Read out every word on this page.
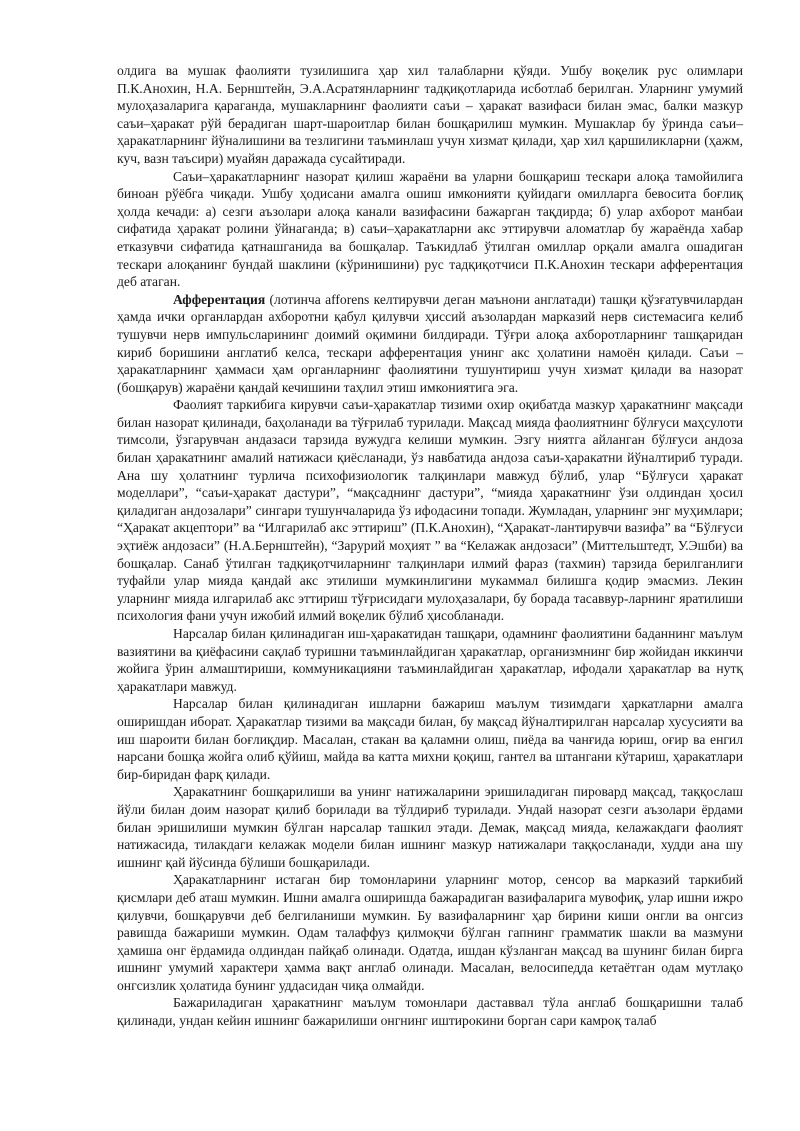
олдига ва мушак фаолияти тузилишига ҳар хил талабларни қўяди. Ушбу воқелик рус олимлари П.К.Анохин, Н.А. Бернштейн, Э.А.Асратянларнинг тадқиқотларида исботлаб берилган. Уларнинг умумий мулоҳазаларига қараганда, мушакларнинг фаолияти саъи – ҳаракат вазифаси билан эмас, балки мазкур саъи–ҳаракат рўй берадиган шарт-шароитлар билан бошқарилиш мумкин. Мушаклар бу ўринда саъи– ҳаракатларнинг йўналишини ва тезлигини таъминлаш учун хизмат қилади, ҳар хил қаршиликларни (ҳажм, куч, вазн таъсири) муайян даражада сусайтиради.

Саъи–ҳаракатларнинг назорат қилиш жараёни ва уларни бошқариш тескари алоқа тамойилига биноан рўёбга чиқади. Ушбу ҳодисани амалга ошиш имконияти қуйидаги омилларга бевосита боғлиқ ҳолда кечади: а) сезги аъзолари алоқа канали вазифасини бажарган тақдирда; б) улар ахборот манбаи сифатида ҳаракат ролини ўйнаганда; в) саъи–ҳаракатларни акс эттирувчи аломатлар бу жараёнда хабар етказувчи сифатида қатнашганида ва бошқалар. Таъкидлаб ўтилган омиллар орқали амалга ошадиган тескари алоқанинг бундай шаклини (кўринишини) рус тадқиқотчиси П.К.Анохин тескари афферентация деб атаган.

Афферентация (лотинча afforens келтирувчи деган маънони англатади) ташқи қўзғатувчилардан ҳамда ички органлардан ахборотни қабул қилувчи ҳиссий аъзолардан марказий нерв системасига келиб тушувчи нерв импульсларининг доимий оқимини билдиради. Тўғри алоқа ахборотларнинг ташқаридан кириб боришини англатиб келса, тескари афферентация унинг акс ҳолатини намоён қилади. Саъи – ҳаракатларнинг ҳаммаси ҳам органларнинг фаолиятини тушунтириш учун хизмат қилади ва назорат (бошқарув) жараёни қандай кечишини таҳлил этиш имкониятига эга.

Фаолият таркибига кирувчи саъи-ҳаракатлар тизими охир оқибатда мазкур ҳаракатнинг мақсади билан назорат қилинади, баҳоланади ва тўғрилаб турилади. Мақсад мияда фаолиятнинг бўлғуси маҳсулоти тимсоли, ўзгарувчан андазаси тарзида вужудга келиши мумкин. Эзгу ниятга айланган бўлғуси андоза билан ҳаракатнинг амалий натижаси қиёсланади, ўз навбатида андоза саъи-ҳаракатни йўналтириб туради. Ана шу ҳолатнинг турлича психофизиологик талқинлари мавжуд бўлиб, улар “Бўлғуси ҳаракат моделлари”, “саъи-ҳаракат дастури”, “мақсаднинг дастури”, “мияда ҳаракатнинг ўзи олдиндан ҳосил қиладиган андозалари” сингари тушунчаларида ўз ифодасини топади. Жумладан, уларнинг энг муҳимлари; “Ҳаракат акцептори” ва “Илгарилаб акс эттириш” (П.К.Анохин), “Ҳаракат-лантирувчи вазифа” ва “Бўлғуси эҳтиёж андозаси” (Н.А.Бернштейн), “Зарурий моҳият ” ва “Келажак андозаси” (Миттельштедт, У.Эшби) ва бошқалар. Санаб ўтилган тадқиқотчиларнинг талқинлари илмий фараз (тахмин) тарзида берилганлиги туфайли улар мияда қандай акс этилиши мумкинлигини мукаммал билишга қодир эмасмиз. Лекин уларнинг мияда илгарилаб акс эттириш тўғрисидаги мулоҳазалари, бу борада тасаввур-ларнинг яратилиши психология фани учун ижобий илмий воқелик бўлиб ҳисобланади.

Нарсалар билан қилинадиган иш-ҳаракатидан ташқари, одамнинг фаолиятини баданнинг маълум вазиятини ва қиёфасини сақлаб туришни таъминлайдиган ҳаракатлар, организмнинг бир жойидан иккинчи жойига ўрин алмаштириши, коммуникацияни таъминлайдиган ҳаракатлар, ифодали ҳаракатлар ва нутқ ҳаракатлари мавжуд.

Нарсалар билан қилинадиган ишларни бажариш маълум тизимдаги ҳаркатларни амалга оширишдан иборат. Ҳаракатлар тизими ва мақсади билан, бу мақсад йўналтирилган нарсалар хусусияти ва иш шароити билан боғлиқдир. Масалан, стакан ва қаламни олиш, пиёда ва чанғида юриш, оғир ва енгил нарсани бошқа жойга олиб қўйиш, майда ва катта михни қоқиш, гантел ва штангани кўтариш, ҳаракатлари бир-биридан фарқ қилади.

Ҳаракатнинг бошқарилиши ва унинг натижаларини эришиладиган пировард мақсад, таққослаш йўли билан доим назорат қилиб борилади ва тўлдириб турилади. Ундай назорат сезги аъзолари ёрдами билан эришилиши мумкин бўлган нарсалар ташкил этади. Демак, мақсад мияда, келажакдаги фаолият натижасида, тилакдаги келажак модели билан ишнинг мазкур натижалари таққосланади, худди ана шу ишнинг қай йўсинда бўлиши бошқарилади.

Ҳаракатларнинг истаган бир томонларини уларнинг мотор, сенсор ва марказий таркибий қисмлари деб аташ мумкин. Ишни амалга оширишда бажарадиган вазифаларига мувофиқ, улар ишни ижро қилувчи, бошқарувчи деб белгиланиши мумкин. Бу вазифаларнинг ҳар бирини киши онгли ва онгсиз равишда бажариши мумкин. Одам талаффуз қилмоқчи бўлган гапнинг грамматик шакли ва мазмуни ҳамиша онг ёрдамида олдиндан пайқаб олинади. Одатда, ишдан кўзланган мақсад ва шунинг билан бирга ишнинг умумий характери ҳамма вақт англаб олинади. Масалан, велосипедда кетаётган одам мутлақо онгсизлик ҳолатида бунинг уддасидан чиқа олмайди.

Бажариладиган ҳаракатнинг маълум томонлари даставвал тўла англаб бошқаришни талаб қилинади, ундан кейин ишнинг бажарилиши онгнинг иштирокини борган сари камроқ талаб
